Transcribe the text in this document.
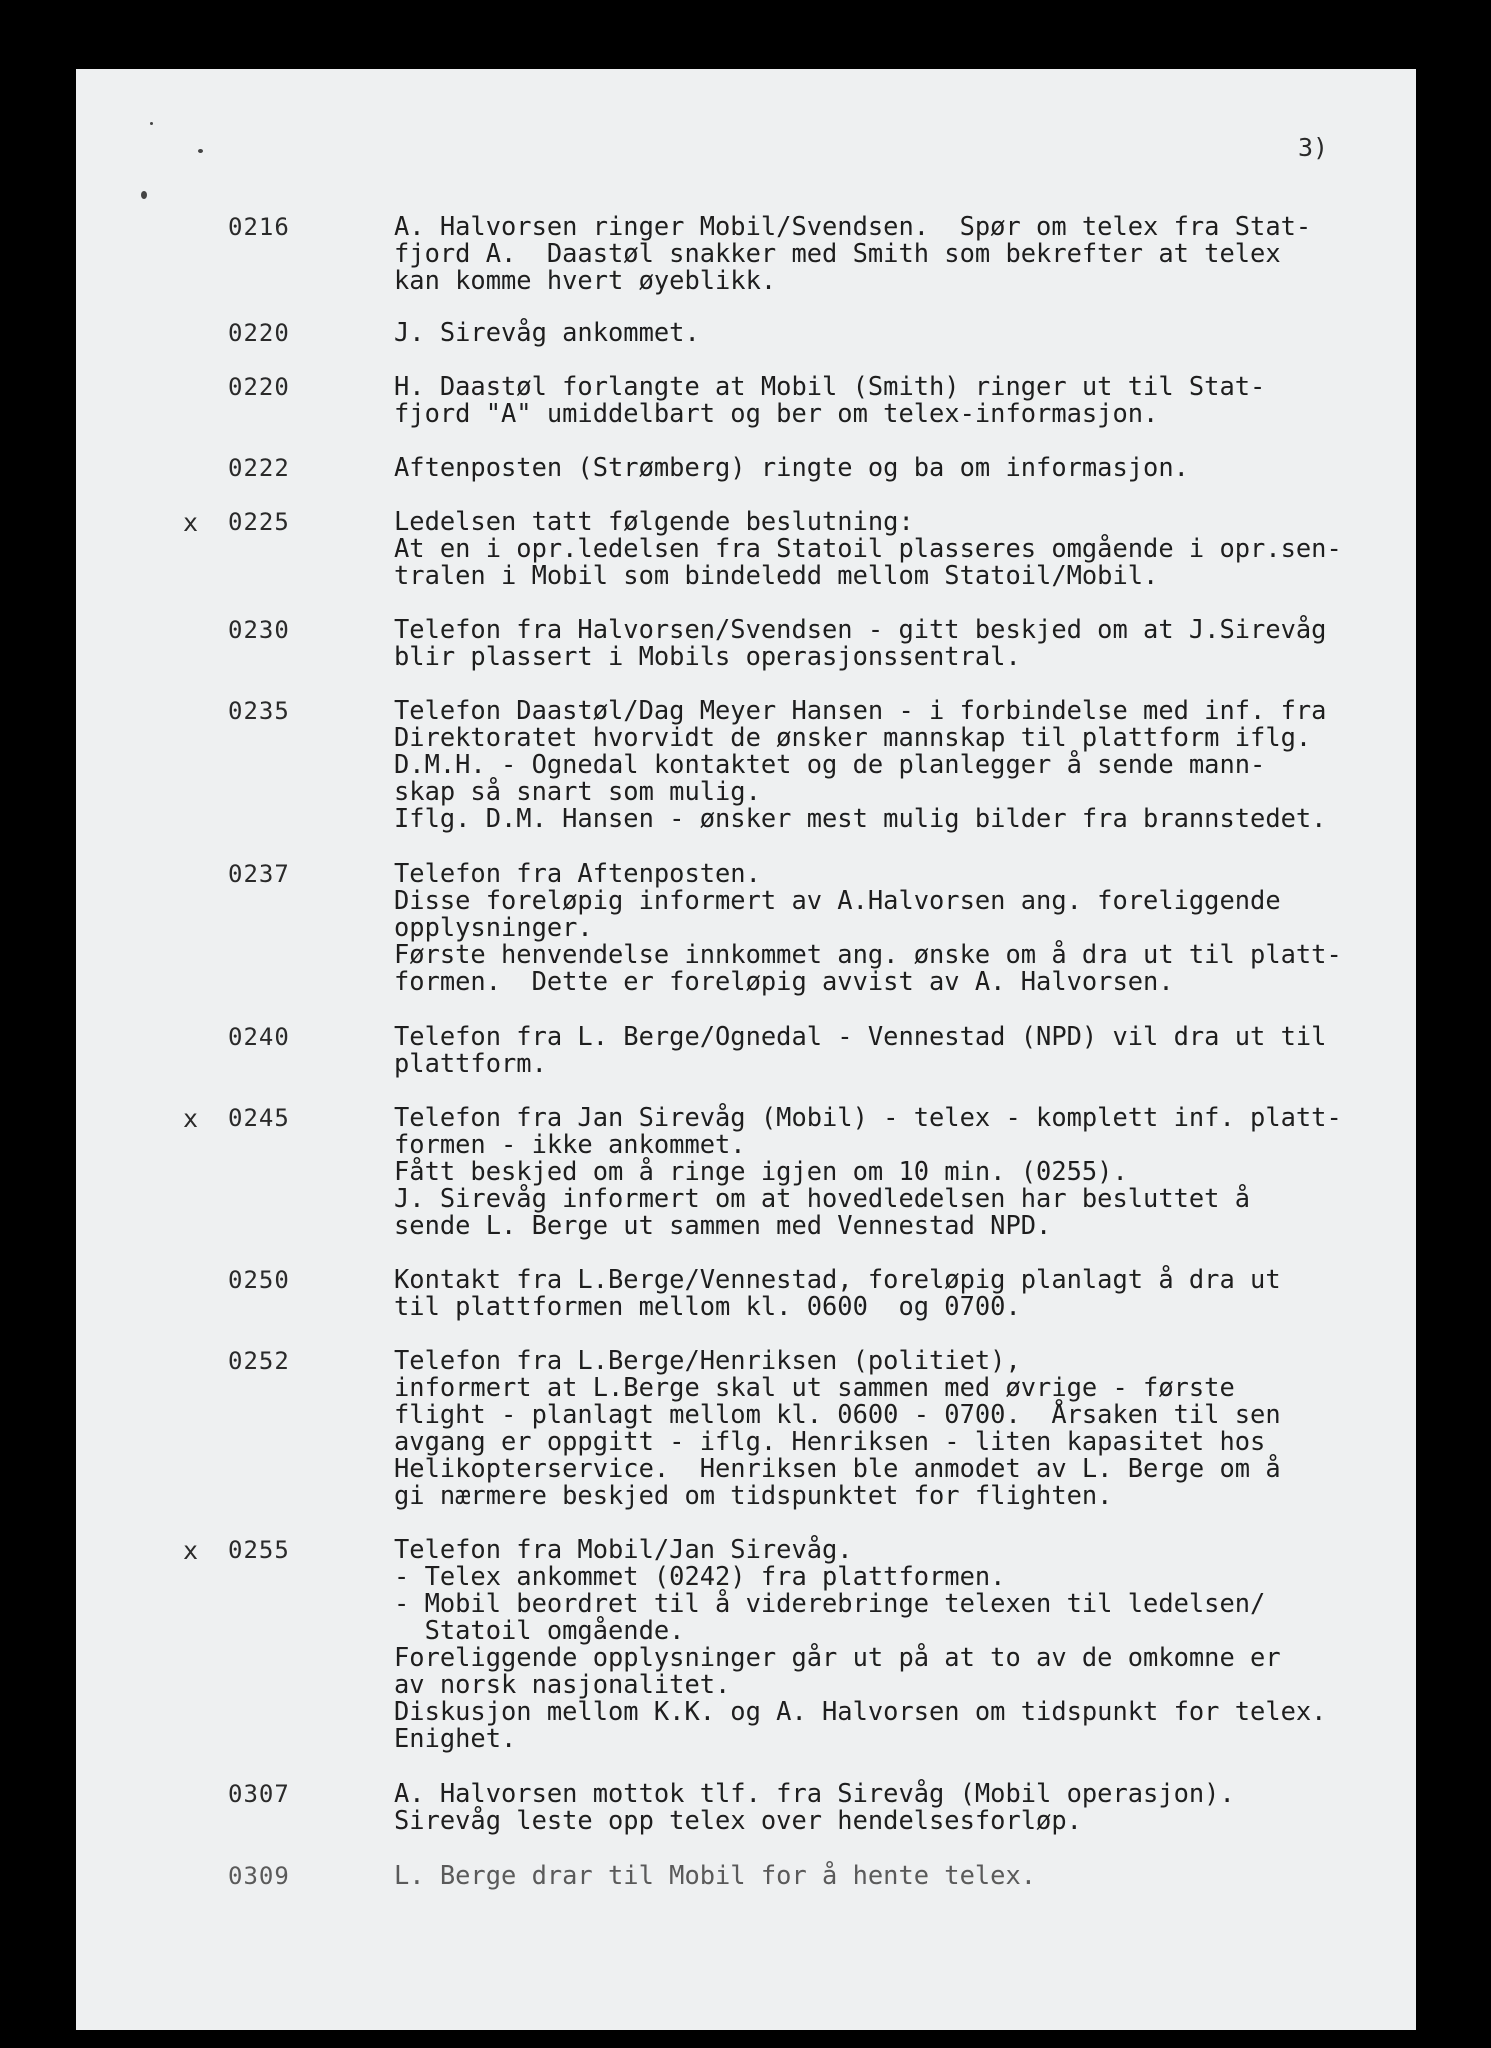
3)
0216	A. Halvorsen ringer Mobil/Svendsen.  Spør om telex fra Stat-
fjord A.  Daastøl snakker med Smith som bekrefter at telex
kan komme hvert øyeblikk.
0220	J. Sirevåg ankommet.
0220	H. Daastøl forlangte at Mobil (Smith) ringer ut til Stat-
fjord "A" umiddelbart og ber om telex-informasjon.
0222	Aftenposten (Strømberg) ringte og ba om informasjon.
x 0225	Ledelsen tatt følgende beslutning:
At en i opr.ledelsen fra Statoil plasseres omgående i opr.sen-
tralen i Mobil som bindeledd mellom Statoil/Mobil.
0230	Telefon fra Halvorsen/Svendsen - gitt beskjed om at J.Sirevåg
blir plassert i Mobils operasjonssentral.
0235	Telefon Daastøl/Dag Meyer Hansen - i forbindelse med inf. fra
Direktoratet hvorvidt de ønsker mannskap til plattform iflg.
D.M.H. - Ognedal kontaktet og de planlegger å sende mann-
skap så snart som mulig.
Iflg. D.M. Hansen - ønsker mest mulig bilder fra brannstedet.
0237	Telefon fra Aftenposten.
Disse foreløpig informert av A.Halvorsen ang. foreliggende
opplysninger.
Første henvendelse innkommet ang. ønske om å dra ut til platt-
formen.  Dette er foreløpig avvist av A. Halvorsen.
0240	Telefon fra L. Berge/Ognedal - Vennestad (NPD) vil dra ut til
plattform.
x 0245	Telefon fra Jan Sirevåg (Mobil) - telex - komplett inf. platt-
formen - ikke ankommet.
Fått beskjed om å ringe igjen om 10 min. (0255).
J. Sirevåg informert om at hovedledelsen har besluttet å
sende L. Berge ut sammen med Vennestad NPD.
0250	Kontakt fra L.Berge/Vennestad, foreløpig planlagt å dra ut
til plattformen mellom kl. 0600  og 0700.
0252	Telefon fra L.Berge/Henriksen (politiet),
informert at L.Berge skal ut sammen med øvrige - første
flight - planlagt mellom kl. 0600 - 0700.  Årsaken til sen
avgang er oppgitt - iflg. Henriksen - liten kapasitet hos
Helikopterservice.  Henriksen ble anmodet av L. Berge om å
gi nærmere beskjed om tidspunktet for flighten.
x 0255	Telefon fra Mobil/Jan Sirevåg.
- Telex ankommet (0242) fra plattformen.
- Mobil beordret til å viderebringe telexen til ledelsen/
Statoil omgående.
Foreliggende opplysninger går ut på at to av de omkomne er
av norsk nasjonalitet.
Diskusjon mellom K.K. og A. Halvorsen om tidspunkt for telex.
Enighet.
0307	A. Halvorsen mottok tlf. fra Sirevåg (Mobil operasjon).
Sirevåg leste opp telex over hendelsesforløp.
0309	L. Berge drar til Mobil for å hente telex.
